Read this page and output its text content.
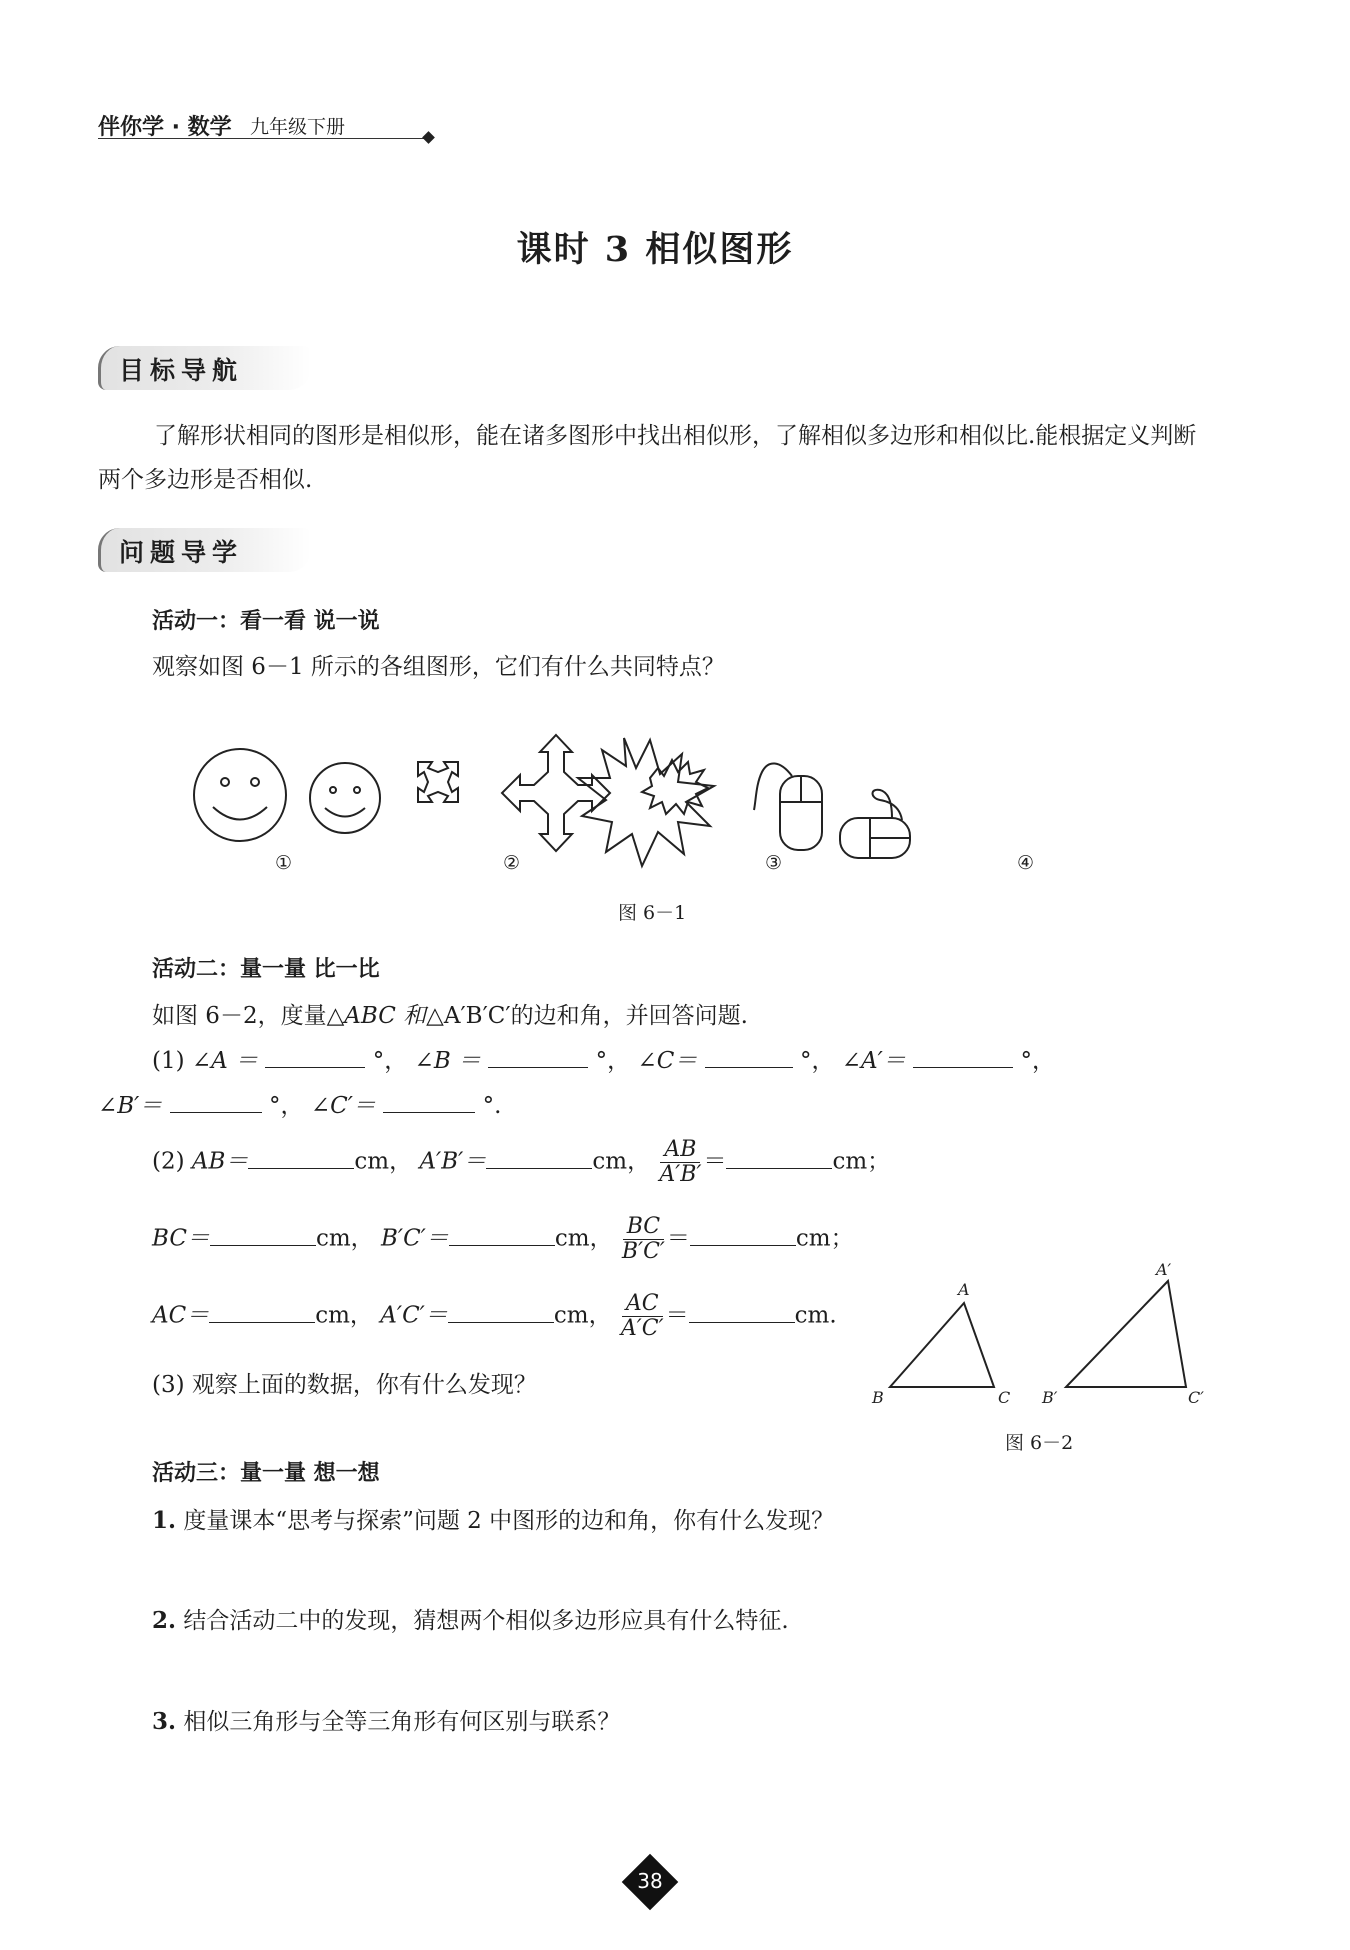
伴你学 · 数学 九年级下册
课时 3 相似图形
目标导航
了解形状相同的图形是相似形，能在诸多图形中找出相似形，了解相似多边形和相似比.能根据定义判断两个多边形是否相似.
问题导学
活动一：看一看 说一说
观察如图 6－1 所示的各组图形，它们有什么共同特点？
①	②	③	④
图 6－1
活动二：量一量 比一比
如图 6－2，度量△ABC 和△A′B′C′的边和角，并回答问题.
(1) ∠A ＝	°， ∠B ＝	°， ∠C＝	°， ∠A′＝	°，
∠B′＝	°， ∠C′＝	°.
(2) AB＝	cm， A′B′＝	cm， $\frac{AB}{A'B'}$ ＝	cm；
BC＝	cm， B′C′＝	cm， $\frac{BC}{B'C'}$ ＝	cm；
AC＝	cm， A′C′＝	cm， $\frac{AC}{A'C'}$ ＝	cm.
(3) 观察上面的数据，你有什么发现？
A
B	C
A′
B′	C′
图 6－2
活动三：量一量 想一想
1. 度量课本“思考与探索”问题 2 中图形的边和角，你有什么发现？
2. 结合活动二中的发现，猜想两个相似多边形应具有什么特征.
3. 相似三角形与全等三角形有何区别与联系？
38
